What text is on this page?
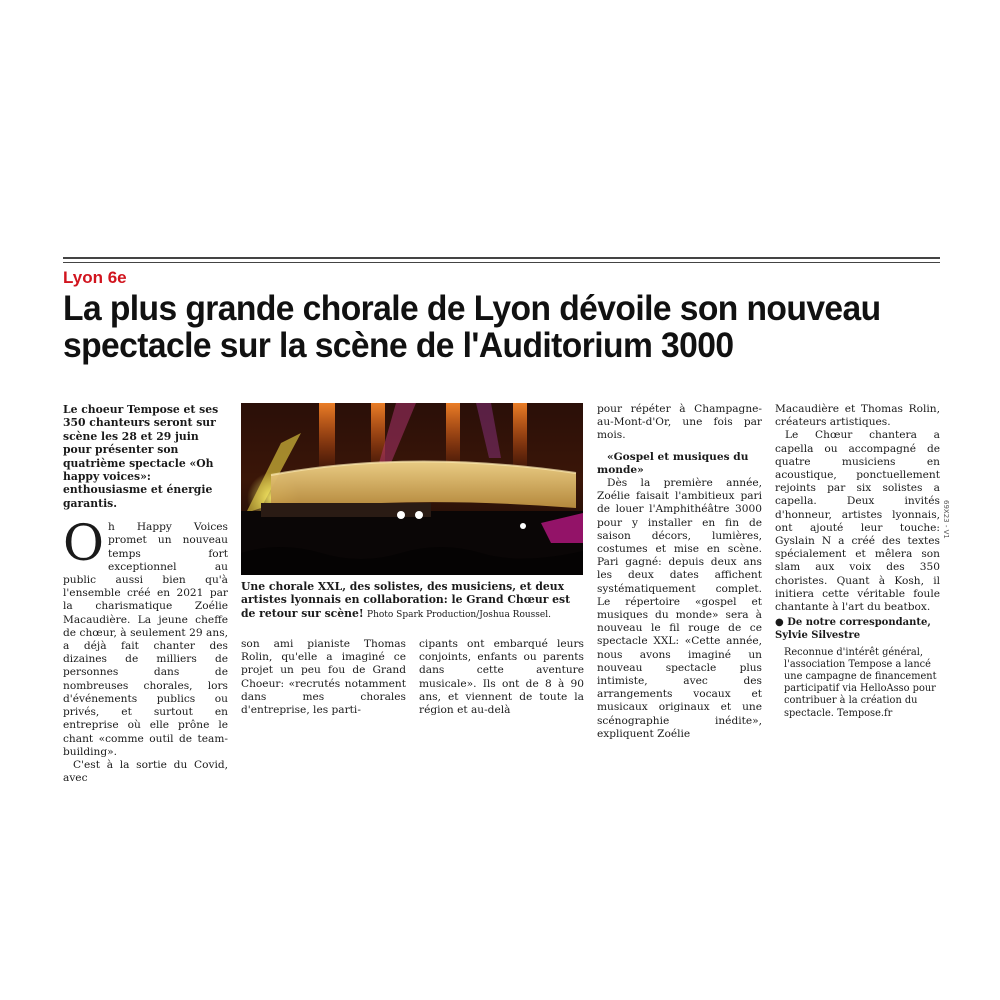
Lyon 6e
La plus grande chorale de Lyon dévoile son nouveau spectacle sur la scène de l'Auditorium 3000

Le choeur Tempose et ses 350 chanteurs seront sur scène les 28 et 29 juin pour présenter son quatrième spectacle «Oh happy voices»: enthousiasme et énergie garantis.

Oh Happy Voices promet un nouveau temps fort exceptionnel au public aussi bien qu'à l'ensemble créé en 2021 par la charismatique Zoélie Macaudière. La jeune cheffe de chœur, à seulement 29 ans, a déjà fait chanter des dizaines de milliers de personnes dans de nombreuses chorales, lors d'événements publics ou privés, et surtout en entreprise où elle prône le chant «comme outil de team-building».

C'est à la sortie du Covid, avec

Une chorale XXL, des solistes, des musiciens, et deux artistes lyonnais en collaboration: le Grand Chœur est de retour sur scène! Photo Spark Production/Joshua Roussel.

son ami pianiste Thomas Rolin, qu'elle a imaginé ce projet un peu fou de Grand Choeur: «recrutés notamment dans mes chorales d'entreprise, les parti-

cipants ont embarqué leurs conjoints, enfants ou parents dans cette aventure musicale». Ils ont de 8 à 90 ans, et viennent de toute la région et au-delà

pour répéter à Champagne-au-Mont-d'Or, une fois par mois.

«Gospel et musiques du monde»

Dès la première année, Zoélie faisait l'ambitieux pari de louer l'Amphithéâtre 3000 pour y installer en fin de saison décors, lumières, costumes et mise en scène. Pari gagné: depuis deux ans les deux dates affichent systématiquement complet. Le répertoire «gospel et musiques du monde» sera à nouveau le fil rouge de ce spectacle XXL: «Cette année, nous avons imaginé un nouveau spectacle plus intimiste, avec des arrangements vocaux et musicaux originaux et une scénographie inédite», expliquent Zoélie

Macaudière et Thomas Rolin, créateurs artistiques.

Le Chœur chantera a capella ou accompagné de quatre musiciens en acoustique, ponctuellement rejoints par six solistes a capella. Deux invités d'honneur, artistes lyonnais, ont ajouté leur touche: Gyslain N a créé des textes spécialement et mêlera son slam aux voix des 350 choristes. Quant à Kosh, il initiera cette véritable foule chantante à l'art du beatbox.

● De notre correspondante, Sylvie Silvestre

Reconnue d'intérêt général, l'association Tempose a lancé une campagne de financement participatif via HelloAsso pour contribuer à la création du spectacle. Tempose.fr

69X23 - V1
